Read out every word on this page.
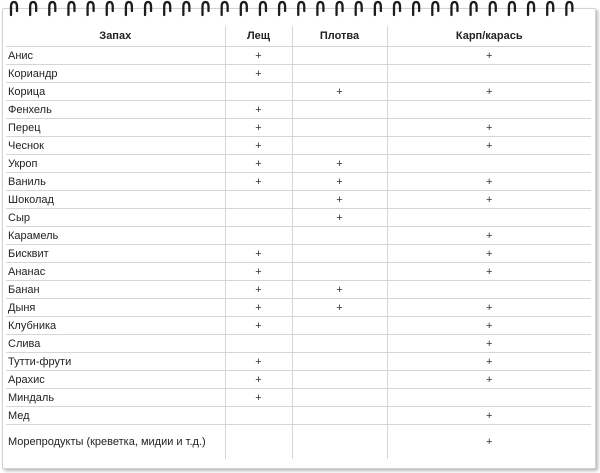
Запах	Лещ	Плотва	Карп/карась
Анис	+		+
Кориандр	+		
Корица		+	+
Фенхель	+		
Перец	+		+
Чеснок	+		+
Укроп	+	+	
Ваниль	+	+	+
Шоколад		+	+
Сыр		+	
Карамель			+
Бисквит	+		+
Ананас	+		+
Банан	+	+	
Дыня	+	+	+
Клубника	+		+
Слива			+
Тутти-фрути	+		+
Арахис	+		+
Миндаль	+		
Мед			+
Морепродукты (креветка, мидии и т.д.)			+
